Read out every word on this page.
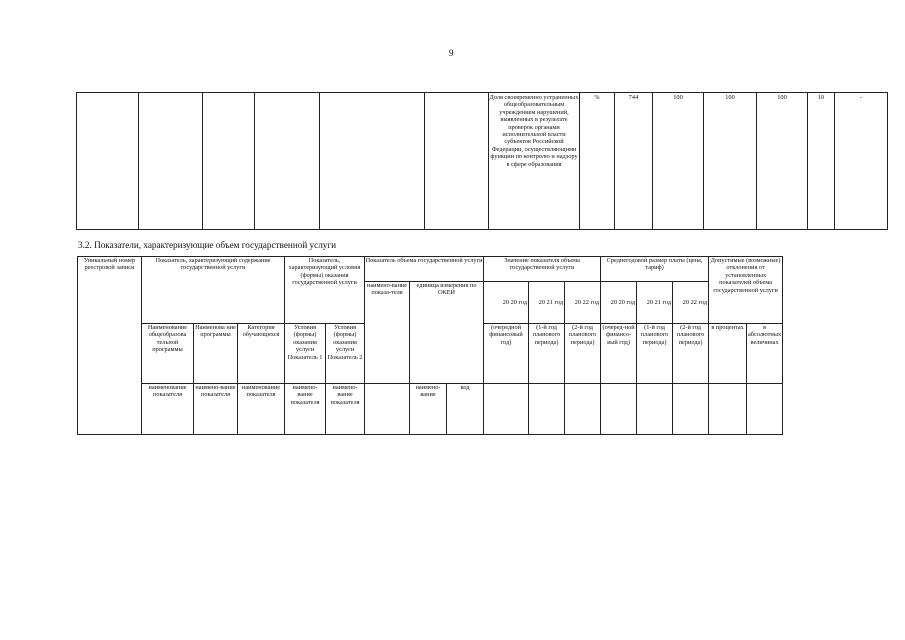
9
						Доля своевременно устраненных общеобразовательным учреждением нарушений, выявленных в результате проверок органами исполнительной власти субъектов Российской Федерации, осуществляющими функции по контролю и надзору в сфере образования	%	744	100	100	100	10	-
3.2. Показатели, характеризующие объем государственной услуги
Уникальный номер реестровой записи	Показатель, характеризующий содержание государственной услуги			Показатель, характеризующий условия (формы) оказания государственной услуги		Показатель объема государственной услуги			Значение показателя объема государственной услуги			Среднегодовой размер платы (цена, тариф)			Допустимые (возможные) отклонения от установленных показателей объема государственной услуги	
						наимено-вание показа-теля	единица измерения по ОКЕИ		20 20 год	20 21 год	20 22 год	20 20 год	20 21 год	20 22 год		
	Наименование общеобразова тельной программы	Наименова ние программы	Категория обучающихся	Условия (формы) оказания услуги Показатель 1	Условия (формы) оказания услуги Показатель 2				(очередной финансовый год)	(1-й год планового периода)	(2-й год планового периода)	(очеред-ной финансо-вый год)	(1-й год планового периода)	(2-й год планового периода)	в процентах	в абсолютных величинах
	наименование показателя	наимено-вание показателя	наименование показателя	наимено-вание показателя	наимено-вание показателя		наимено-вание	код								
